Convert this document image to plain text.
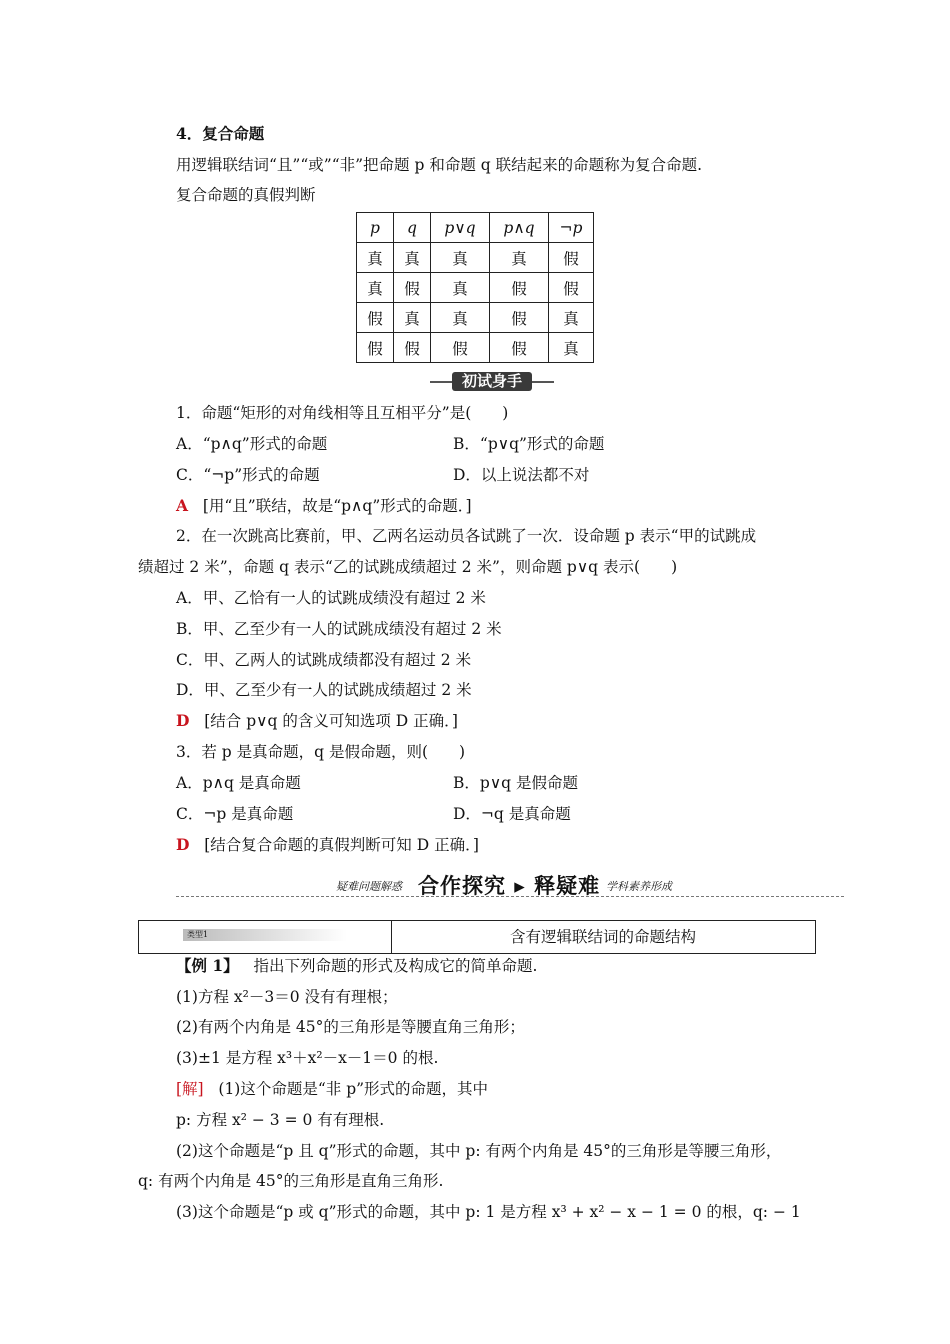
4．复合命题
用逻辑联结词“且”“或”“非”把命题 p 和命题 q 联结起来的命题称为复合命题.
复合命题的真假判断
p	q	p∨q	p∧q	¬p
真	真	真	真	假
真	假	真	假	假
假	真	真	假	真
假	假	假	假	真
初试身手
1．命题“矩形的对角线相等且互相平分”是(　　)
A．“p∧q”形式的命题	B．“p∨q”形式的命题
C．“¬p”形式的命题	D．以上说法都不对
A [用“且”联结，故是“p∧q”形式的命题．]
2．在一次跳高比赛前，甲、乙两名运动员各试跳了一次．设命题 p 表示“甲的试跳成
绩超过 2 米”，命题 q 表示“乙的试跳成绩超过 2 米”，则命题 p∨q 表示(　　)
A．甲、乙恰有一人的试跳成绩没有超过 2 米
B．甲、乙至少有一人的试跳成绩没有超过 2 米
C．甲、乙两人的试跳成绩都没有超过 2 米
D．甲、乙至少有一人的试跳成绩超过 2 米
D [结合 p∨q 的含义可知选项 D 正确．]
3．若 p 是真命题，q 是假命题，则(　　)
A．p∧q 是真命题	B．p∨q 是假命题
C．¬p 是真命题	D．¬q 是真命题
D [结合复合命题的真假判断可知 D 正确．]
疑难问题解惑 合作探究 ▸ 释疑难 学科素养形成
类型1	含有逻辑联结词的命题结构
【例 1】 指出下列命题的形式及构成它的简单命题.
(1)方程 x²－3＝0 没有有理根；
(2)有两个内角是 45°的三角形是等腰直角三角形；
(3)±1 是方程 x³＋x²－x－1＝0 的根.
[解] (1)这个命题是“非 p”形式的命题，其中
p: 方程 x² − 3 = 0 有有理根.
(2)这个命题是“p 且 q”形式的命题，其中 p: 有两个内角是 45°的三角形是等腰三角形，
q: 有两个内角是 45°的三角形是直角三角形.
(3)这个命题是“p 或 q”形式的命题，其中 p: 1 是方程 x³ + x² − x − 1 = 0 的根，q: − 1
